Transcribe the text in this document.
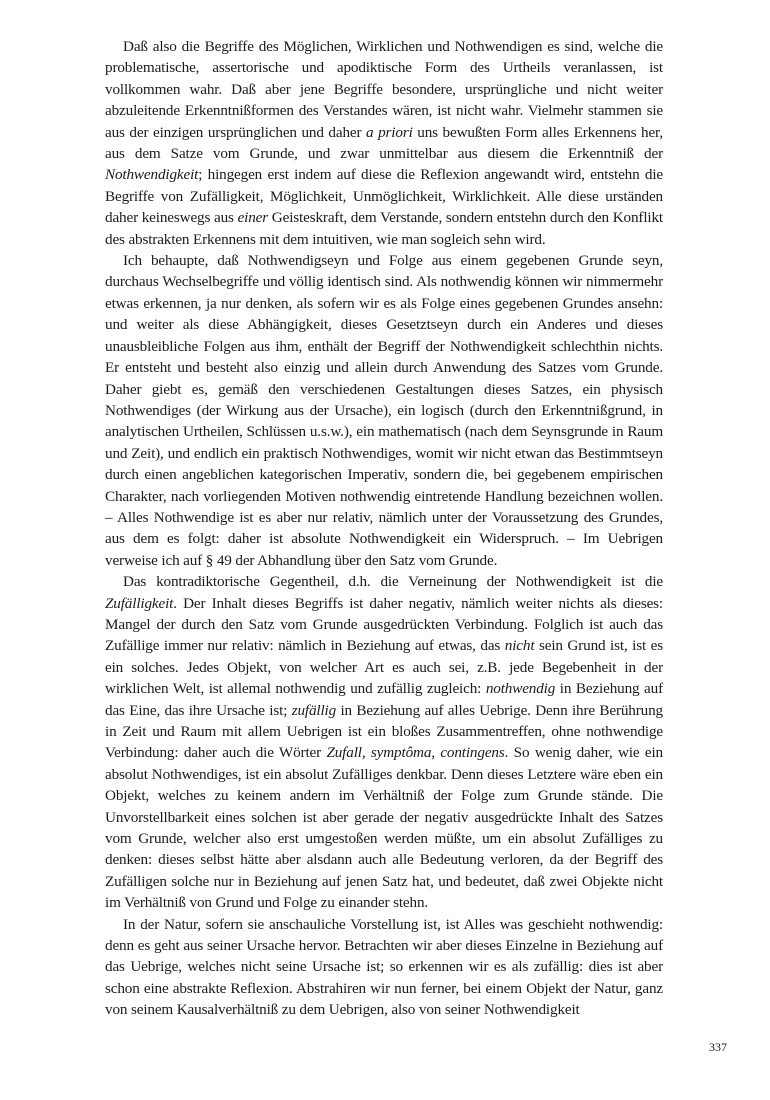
Daß also die Begriffe des Möglichen, Wirklichen und Nothwendigen es sind, welche die problematische, assertorische und apodiktische Form des Urtheils veranlassen, ist vollkommen wahr. Daß aber jene Begriffe besondere, ursprüngliche und nicht weiter abzuleitende Erkenntnißformen des Verstandes wären, ist nicht wahr. Vielmehr stammen sie aus der einzigen ursprünglichen und daher a priori uns bewußten Form alles Erkennens her, aus dem Satze vom Grunde, und zwar unmittelbar aus diesem die Erkenntniß der Nothwendigkeit; hingegen erst indem auf diese die Reflexion angewandt wird, entstehn die Begriffe von Zufälligkeit, Möglichkeit, Unmöglichkeit, Wirklichkeit. Alle diese urständen daher keineswegs aus einer Geisteskraft, dem Verstande, sondern entstehn durch den Konflikt des abstrakten Erkennens mit dem intuitiven, wie man sogleich sehn wird.

Ich behaupte, daß Nothwendigseyn und Folge aus einem gegebenen Grunde seyn, durchaus Wechselbegriffe und völlig identisch sind. Als nothwendig können wir nimmermehr etwas erkennen, ja nur denken, als sofern wir es als Folge eines gegebenen Grundes ansehn: und weiter als diese Abhängigkeit, dieses Gesetztseyn durch ein Anderes und dieses unausbleibliche Folgen aus ihm, enthält der Begriff der Nothwendigkeit schlechthin nichts. Er entsteht und besteht also einzig und allein durch Anwendung des Satzes vom Grunde. Daher giebt es, gemäß den verschiedenen Gestaltungen dieses Satzes, ein physisch Nothwendiges (der Wirkung aus der Ursache), ein logisch (durch den Erkenntnißgrund, in analytischen Urtheilen, Schlüssen u.s.w.), ein mathematisch (nach dem Seynsgrunde in Raum und Zeit), und endlich ein praktisch Nothwendiges, womit wir nicht etwan das Bestimmtseyn durch einen angeblichen kategorischen Imperativ, sondern die, bei gegebenem empirischen Charakter, nach vorliegenden Motiven nothwendig eintretende Handlung bezeichnen wollen. – Alles Nothwendige ist es aber nur relativ, nämlich unter der Voraussetzung des Grundes, aus dem es folgt: daher ist absolute Nothwendigkeit ein Widerspruch. – Im Uebrigen verweise ich auf § 49 der Abhandlung über den Satz vom Grunde.

Das kontradiktorische Gegentheil, d.h. die Verneinung der Nothwendigkeit ist die Zufälligkeit. Der Inhalt dieses Begriffs ist daher negativ, nämlich weiter nichts als dieses: Mangel der durch den Satz vom Grunde ausgedrückten Verbindung. Folglich ist auch das Zufällige immer nur relativ: nämlich in Beziehung auf etwas, das nicht sein Grund ist, ist es ein solches. Jedes Objekt, von welcher Art es auch sei, z.B. jede Begebenheit in der wirklichen Welt, ist allemal nothwendig und zufällig zugleich: nothwendig in Beziehung auf das Eine, das ihre Ursache ist; zufällig in Beziehung auf alles Uebrige. Denn ihre Berührung in Zeit und Raum mit allem Uebrigen ist ein bloßes Zusammentreffen, ohne nothwendige Verbindung: daher auch die Wörter Zufall, symptôma, contingens. So wenig daher, wie ein absolut Nothwendiges, ist ein absolut Zufälliges denkbar. Denn dieses Letztere wäre eben ein Objekt, welches zu keinem andern im Verhältniß der Folge zum Grunde stände. Die Unvorstellbarkeit eines solchen ist aber gerade der negativ ausgedrückte Inhalt des Satzes vom Grunde, welcher also erst umgestoßen werden müßte, um ein absolut Zufälliges zu denken: dieses selbst hätte aber alsdann auch alle Bedeutung verloren, da der Begriff des Zufälligen solche nur in Beziehung auf jenen Satz hat, und bedeutet, daß zwei Objekte nicht im Verhältniß von Grund und Folge zu einander stehn.

In der Natur, sofern sie anschauliche Vorstellung ist, ist Alles was geschieht nothwendig: denn es geht aus seiner Ursache hervor. Betrachten wir aber dieses Einzelne in Beziehung auf das Uebrige, welches nicht seine Ursache ist; so erkennen wir es als zufällig: dies ist aber schon eine abstrakte Reflexion. Abstrahiren wir nun ferner, bei einem Objekt der Natur, ganz von seinem Kausalverhältniß zu dem Uebrigen, also von seiner Nothwendigkeit

337
